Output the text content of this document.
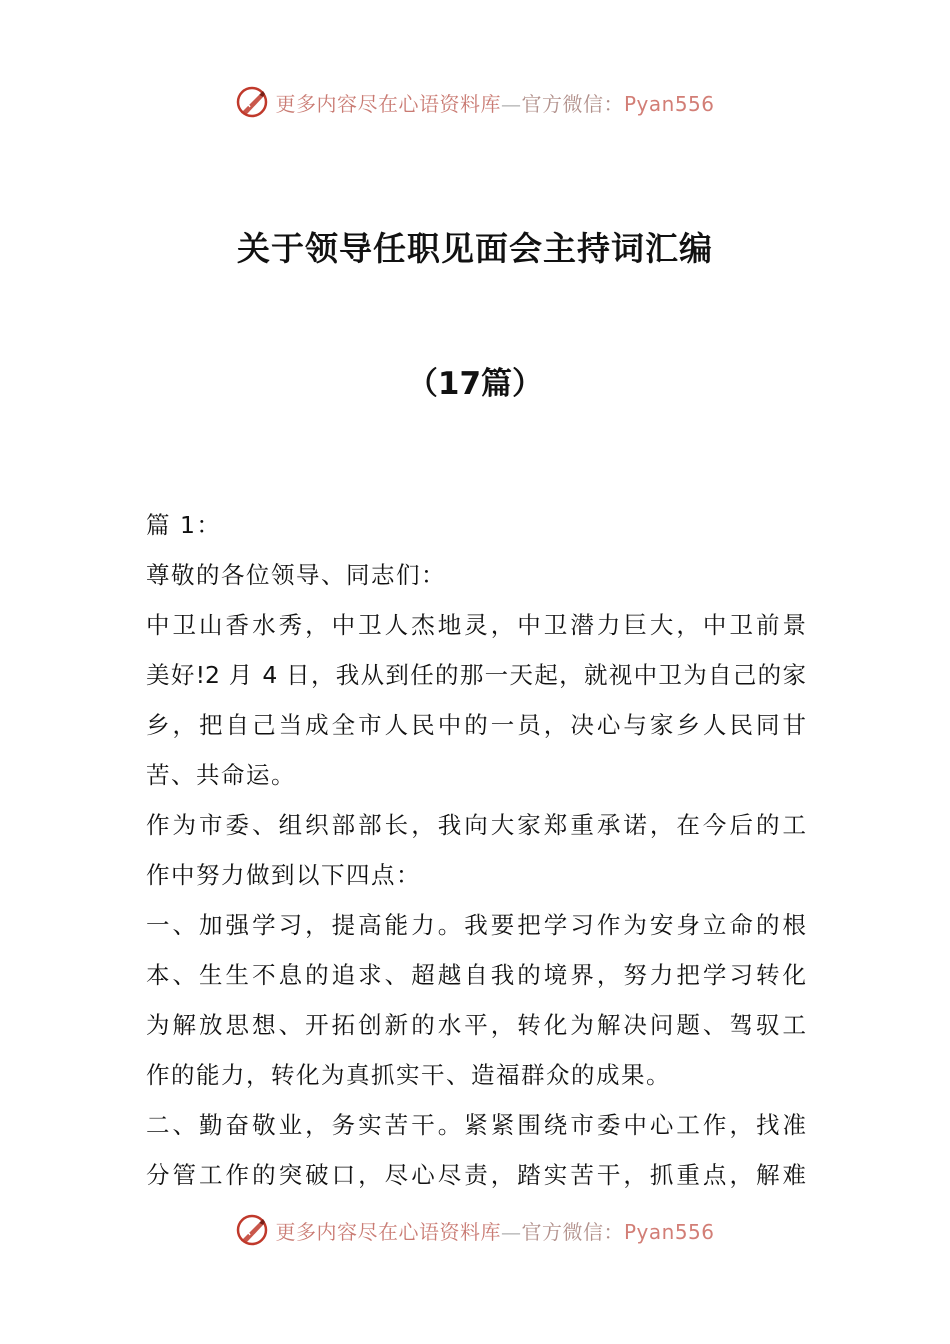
更多内容尽在心语资料库—官方微信：Pyan556
关于领导任职见面会主持词汇编
（17篇）
篇 1：
尊敬的各位领导、同志们：
中卫山香水秀，中卫人杰地灵，中卫潜力巨大，中卫前景
美好!2 月 4 日，我从到任的那一天起，就视中卫为自己的家
乡，把自己当成全市人民中的一员，决心与家乡人民同甘
苦、共命运。
作为市委、组织部部长，我向大家郑重承诺，在今后的工
作中努力做到以下四点：
一、加强学习，提高能力。我要把学习作为安身立命的根
本、生生不息的追求、超越自我的境界，努力把学习转化
为解放思想、开拓创新的水平，转化为解决问题、驾驭工
作的能力，转化为真抓实干、造福群众的成果。
二、勤奋敬业，务实苦干。紧紧围绕市委中心工作，找准
分管工作的突破口，尽心尽责，踏实苦干，抓重点，解难
更多内容尽在心语资料库—官方微信：Pyan556
